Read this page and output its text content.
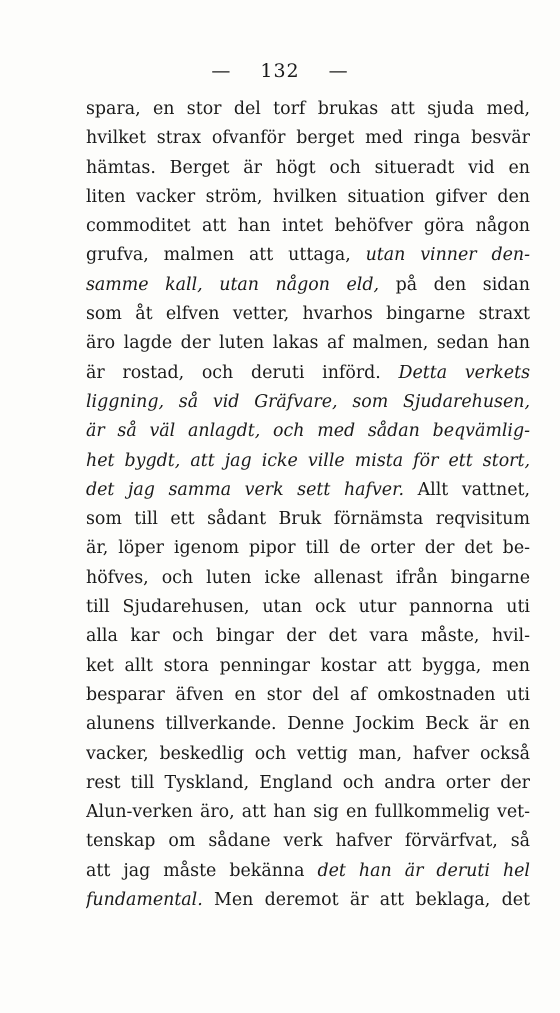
— 132 —
spara, en stor del torf brukas att sjuda med,
hvilket strax ofvanför berget med ringa besvär
hämtas. Berget är högt och situeradt vid en
liten vacker ström, hvilken situation gifver den
commoditet att han intet behöfver göra någon
grufva, malmen att uttaga, utan vinner den-
samme kall, utan någon eld, på den sidan
som åt elfven vetter, hvarhos bingarne straxt
äro lagde der luten lakas af malmen, sedan han
är rostad, och deruti införd. Detta verkets
liggning, så vid Gräfvare, som Sjudarehusen,
är så väl anlagdt, och med sådan beqvämlig-
het bygdt, att jag icke ville mista för ett stort,
det jag samma verk sett hafver. Allt vattnet,
som till ett sådant Bruk förnämsta reqvisitum
är, löper igenom pipor till de orter der det be-
höfves, och luten icke allenast ifrån bingarne
till Sjudarehusen, utan ock utur pannorna uti
alla kar och bingar der det vara måste, hvil-
ket allt stora penningar kostar att bygga, men
besparar äfven en stor del af omkostnaden uti
alunens tillverkande. Denne Jockim Beck är en
vacker, beskedlig och vettig man, hafver också
rest till Tyskland, England och andra orter der
Alun-verken äro, att han sig en fullkommelig vet-
tenskap om sådane verk hafver förvärfvat, så
att jag måste bekänna det han är deruti hel
fundamental. Men deremot är att beklaga, det
